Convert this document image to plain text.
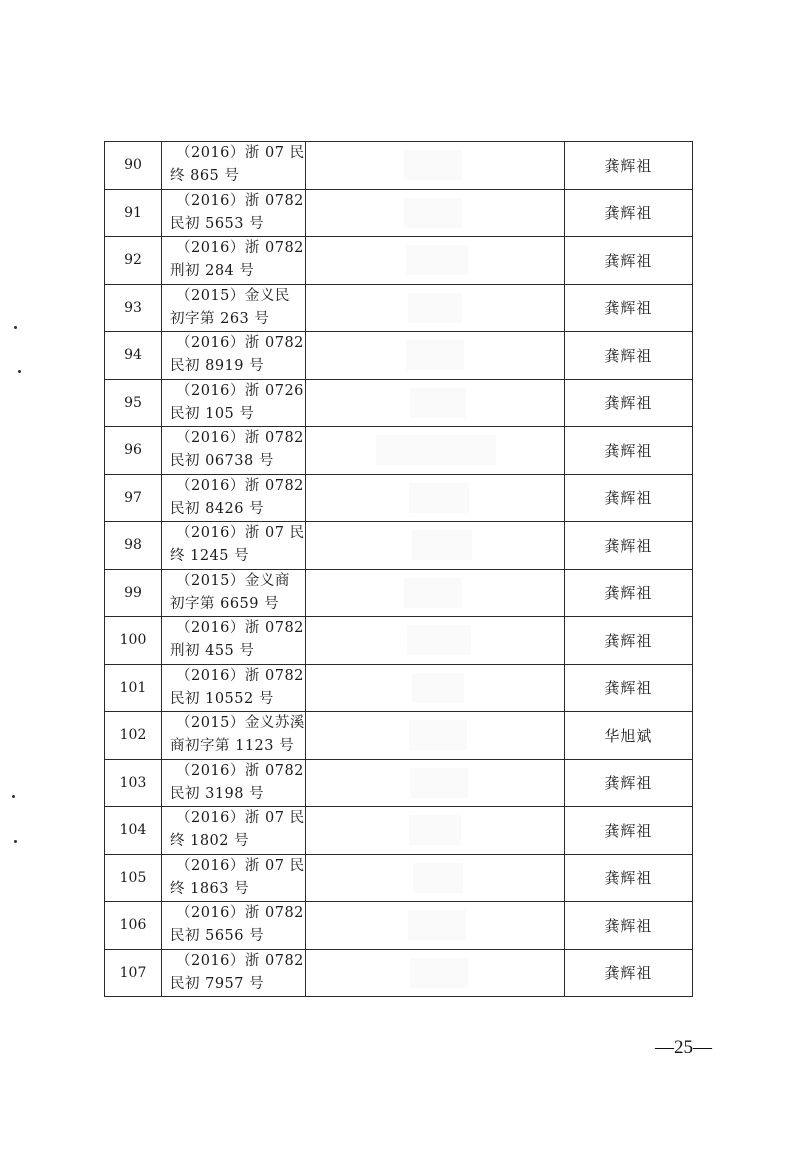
90	（2016）浙 07 民
终 865 号		龚辉祖
91	（2016）浙 0782
民初 5653 号		龚辉祖
92	（2016）浙 0782
刑初 284 号		龚辉祖
93	（2015）金义民
初字第 263 号		龚辉祖
94	（2016）浙 0782
民初 8919 号		龚辉祖
95	（2016）浙 0726
民初 105 号		龚辉祖
96	（2016）浙 0782
民初 06738 号		龚辉祖
97	（2016）浙 0782
民初 8426 号		龚辉祖
98	（2016）浙 07 民
终 1245 号		龚辉祖
99	（2015）金义商
初字第 6659 号		龚辉祖
100	（2016）浙 0782
刑初 455 号		龚辉祖
101	（2016）浙 0782
民初 10552 号		龚辉祖
102	（2015）金义苏溪
商初字第 1123 号		华旭斌
103	（2016）浙 0782
民初 3198 号		龚辉祖
104	（2016）浙 07 民
终 1802 号		龚辉祖
105	（2016）浙 07 民
终 1863 号		龚辉祖
106	（2016）浙 0782
民初 5656 号		龚辉祖
107	（2016）浙 0782
民初 7957 号		龚辉祖
—25—
